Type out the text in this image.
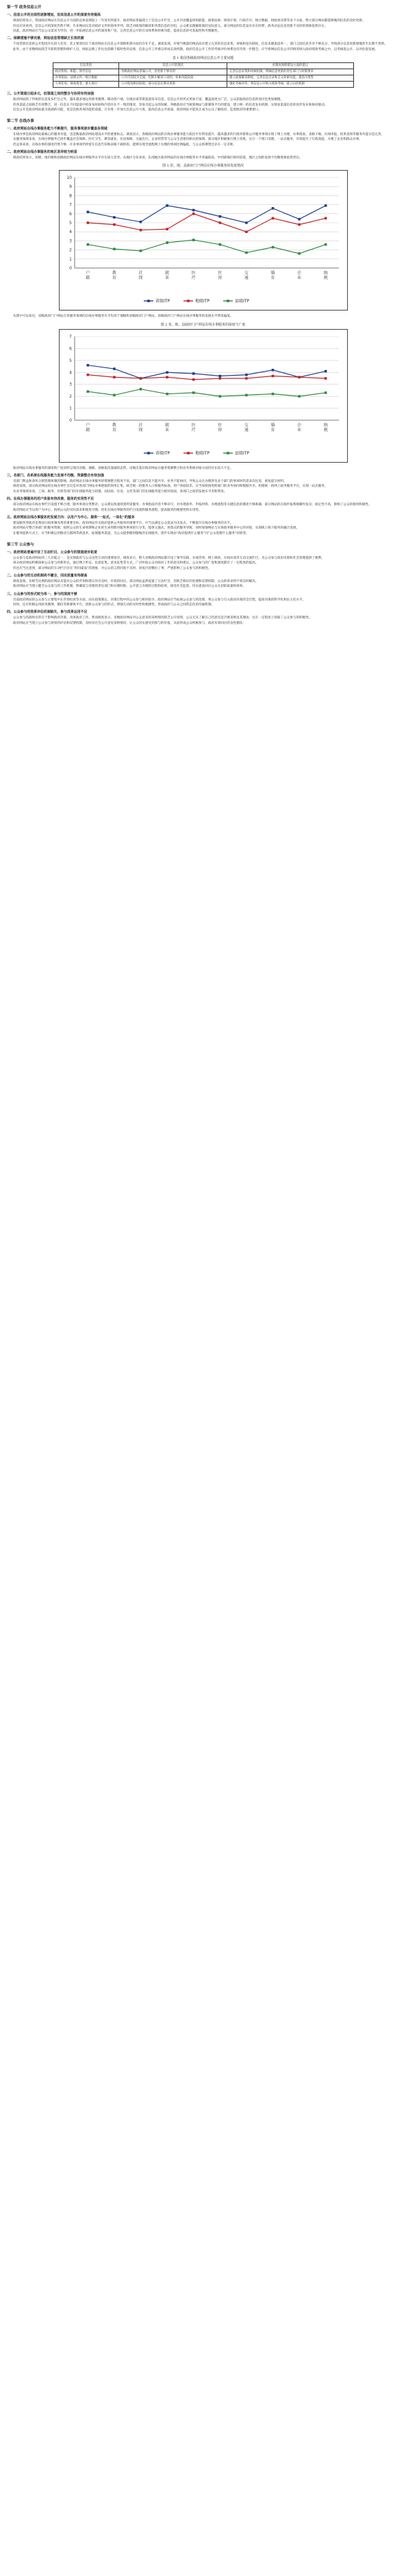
第一节 政务信息公开
一、信息公开的全面性逐渐增加，但其信息公开的深度有待提高

调查结果显示，我国政府网站在信息公开方面的总体表现较上一年度有所提升，政府网站普遍建立了信息公开栏目，公开内容覆盖机构职能、政策法规、规划计划、行政许可、统计数据、财政预决算等多个方面，绝大部分网站都能够做到信息的及时更新。

但也应该看到，信息公开的深度仍然不够，许多网站仅是对政府文件的简单罗列，缺乏对政策的解读和背景信息的介绍，公众难以理解政策的实际意义。部分网站的信息发布存在时滞，政务动态信息更新不及时的现象依然存在。

因此，政府网站应当以公众需求为导向，进一步拓展信息公开的深度和广度，完善信息公开的目录体系和检索功能，提高信息的可获取性和可理解性。

二、保障措施不够完善，网站信息管理缺乏长效机制

不同类别信息的公开程度存在较大差异，其主要原因在于政府网站在信息公开保障机制方面仍存在不足。调查发现，有相当数量的网站尚未建立完善的信息采集、审核和发布制度，信息来源渠道单一，部门之间信息共享不够充分，导致部分信息更新缓慢甚至长期不更新。

此外，由于多数网站缺乏专职的管理和维护人员，网站运维工作往往依赖于临时性的安排，信息公开工作难以形成长效机制。政府信息公开工作的考核评价体系也有待进一步健全，应当将网站信息公开的情况纳入政府绩效考核之中，以考核促公开、以评估促发展。

表 1 我国各级政府网站信息公开主要问题
信息类别	信息公开的现状	对制度保障建设方面的建议
政府机构、职能、领导信息	各级政府网站普遍公开，但更新不够及时	完善信息采集和审核机制，明确信息更新的责任部门与时限要求
办事指南、法规文件、统计数据	公开内容较为全面，但缺少解读与说明，检索功能较弱	建立政策解读制度，完善信息目录和全文检索功能，提高可用性
人事任免、财政资金、重大项目	公开程度相对较低，部分信息长期未更新	强化考核评价，将信息公开纳入绩效考核，建立问责机制
三、公开渠道日趋多元，但渠道之间的整合与协同有待加强

政府网站除了传统的信息发布栏目之外，越来越多地运用政务微博、移动客户端、在线访谈等新渠道发布信息，信息公开的形式更加丰富，覆盖面更为广泛，公众获取政府信息的途径也更加便捷。

但各渠道之间缺乏有效整合，同一信息在不同渠道中的发布时间和内容存在不一致的情况，容易引起公众的误解。各级政府应当统筹网站与新媒体平台的建设，建立统一的信息发布机制，实现多渠道信息的同步发布和协同联动。

信息公开是政府网站最为基础的功能，也是其他各项功能的前提。只有进一步加大信息公开力度，提高信息公开质量，政府网站才能真正成为公众了解政府、监督政府的重要窗口。

第二节 在线办事
一、政府网站在线办事服务能力不断提升，服务事项逐步覆盖各领域

在线办事是政府网站最核心的服务功能，也是衡量政府网站建设水平的重要标志。调查显示，各级政府网站的在线办事服务能力较往年有明显提升，越来越多的行政审批和公共服务事项实现了网上办理，办事指南、表格下载、在线申报、结果查询等服务功能日趋完善。

从服务领域来看，在线办事服务已逐步覆盖社会保障、医疗卫生、教育就业、住房保障、交通出行、企业经营等与公众生活密切相关的领域。部分地区积极推行网上审批，实行一个窗口受理、一站式服务，有效提升了行政效能，方便了企业和群众办事。

但总体来看，在线办事的深度仍然不够，许多事项仍停留在信息告知和表格下载阶段，能够实现全流程网上办理的事项比例偏低，与公众的期望还存在一定差距。

二、政府网站在线办事服务的地区差异较为明显

调查结果显示，省级、地市级和县级政府网站在线办事服务水平存在较大差异。从地区分布来看，东部地区政府网站的在线办事服务水平普遍较高，中西部地区相对较低，地区之间的发展不均衡现象依然突出。

图 1 省、地、县政府门户网站在线办事服务的发展情况
0
1
2
3
4
5
6
7
8
9
10
户籍
教育
社保
就业
医疗
住房
交通
婚育
企业
纳税
省级ITP	地级ITP	县级ITP

从图中可以看出，省级政府门户网站在各服务领域的在线办事服务水平均高于地级和县级政府门户网站，县级政府门户网站在线办事服务的发展水平明显偏低。

图 2 省、地、县政府门户网站在线办事服务的深度与广度
0
1
2
3
4
5
6
7
户籍
教育
社保
就业
医疗
住房
交通
婚育
企业
纳税
省级ITP	地级ITP	县级ITP

政府网站在线办事服务的深度和广度同样呈现出省级、地级、县级依次递减的态势，反映出基层政府网站在服务资源整合和业务系统对接方面仍存在较大不足。

三、各部门、各系统在线服务能力发展不均衡，资源整合有待加强

受部门利益和条块分割管理体制的影响，政府网站在线办事服务的资源整合程度不高，部门之间信息不能共享，业务不能协同，导致公众在办理涉及多个部门的事项时仍需多次往返、重复提交材料。

调查发现，部分政府网站的在线办事栏目仅是对各部门网站办事链接的简单汇集，缺乏统一的服务入口和服务标准，用户体验较差。应当加快推进跨部门的业务协同和数据共享，构建统一的网上政务服务平台，实现一站式服务。

从业务领域来看，工商、税务、社保等部门的在线服务能力较强，而民政、住房、文化等部门的在线服务能力相对较弱，各部门之间的发展水平差距明显。

四、在线办事服务的用户体验有待改善，服务的实用性不足

部分政府网站在线办事栏目设置不够合理，服务事项分类繁杂，公众难以快速找到所需服务；办事指南内容不够详尽，对办理条件、申报材料、办理流程等关键信息的描述不够准确；部分网站的在线申报系统操作复杂，稳定性不高，影响了公众的使用积极性。

政府网站应当以用户为中心，按照公众的实际需求和使用习惯，优化在线办事服务的栏目设置和服务流程，提高服务的便捷性和实用性。

五、政府网站在线办事服务的发展方向：以用户为中心，提供“一站式、一体化”的服务

建设服务型政府是我国行政体制改革的重要目标，政府网站作为政府提供公共服务的重要平台，应当以满足公众需求为出发点，不断提升在线办事服务的水平。

政府网站应整合各部门的服务资源，按照公众的生命周期和企业的生命周期对服务事项进行分类，提供主题式、场景式的服务导航；同时加强网站与实体政务服务中心的对接，实现线上线下服务的融合发展。

在服务提供方式上，应当积极运用移动互联网等新技术，拓展服务渠道，为公众提供随时随地的在线服务，逐步实现由“政府提供什么服务”向“公众需要什么服务”的转变。

第三节 公众参与
一、政府网站普遍开设了互动栏目，公众参与的渠道逐步拓宽

公众参与是政府网站的三大功能之一，是实现政府与公众良性互动的重要途径。调查显示，绝大多数政府网站都开设了领导信箱、在线咨询、网上调查、在线访谈等互动交流栏目，为公众参与政府决策和社会管理提供了便利。

部分政府网站积极探索公众参与的新形式，通过网上听证、民意征集、意见征集等方式，广泛听取公众对政府工作的意见和建议，公众参与的广度和深度都有了一定程度的提高。

但也应当注意到，部分网站的互动栏目存在“形同虚设”的现象，对公众留言的回复不及时，回复内容敷衍了事，严重影响了公众参与的积极性。

二、公众参与的互动机制尚不健全，回应质量有待提高

调查发现，有相当比例的政府网站未能对公众的咨询和建议作出及时、有效的回应。部分网站虽然设置了互动栏目，但缺乏相应的处理和反馈机制，公众的诉求得不到及时解决。

政府网站应当建立健全公众参与的工作机制，明确留言处理的责任部门和办理时限，公开留言办理的过程和结果，接受社会监督，切实提高回应公众关切的质量和效率。

三、公众参与的形式较为单一，参与的深度不够

目前政府网站的公众参与主要集中在咨询投诉等方面，而在政策制定、决策过程中的公众参与相对较少。政府网站应当拓展公众参与的范围，将公众参与引入政府决策的全过程，提高决策的科学化和民主化水平。

同时，还应积极运用政务微博、微信等新媒体平台，创新公众参与的形式，增强互动的实时性和便捷性，形成政府与公众之间常态化的沟通机制。

四、公众参与的效果评估机制缺失，参与成果运用不足

公众参与的最终目的在于影响政府决策、改进政府工作。然而调查显示，多数政府网站对公众意见的采纳情况缺乏公开说明，公众无从了解自己的意见是否被采纳及其理由，这在一定程度上削弱了公众参与的积极性。

政府网站应当建立公众参与效果的评估和反馈机制，及时向社会公开意见采纳情况，让公众切实感受到参与的价值，从而形成公众积极参与、政府有效回应的良性循环。
